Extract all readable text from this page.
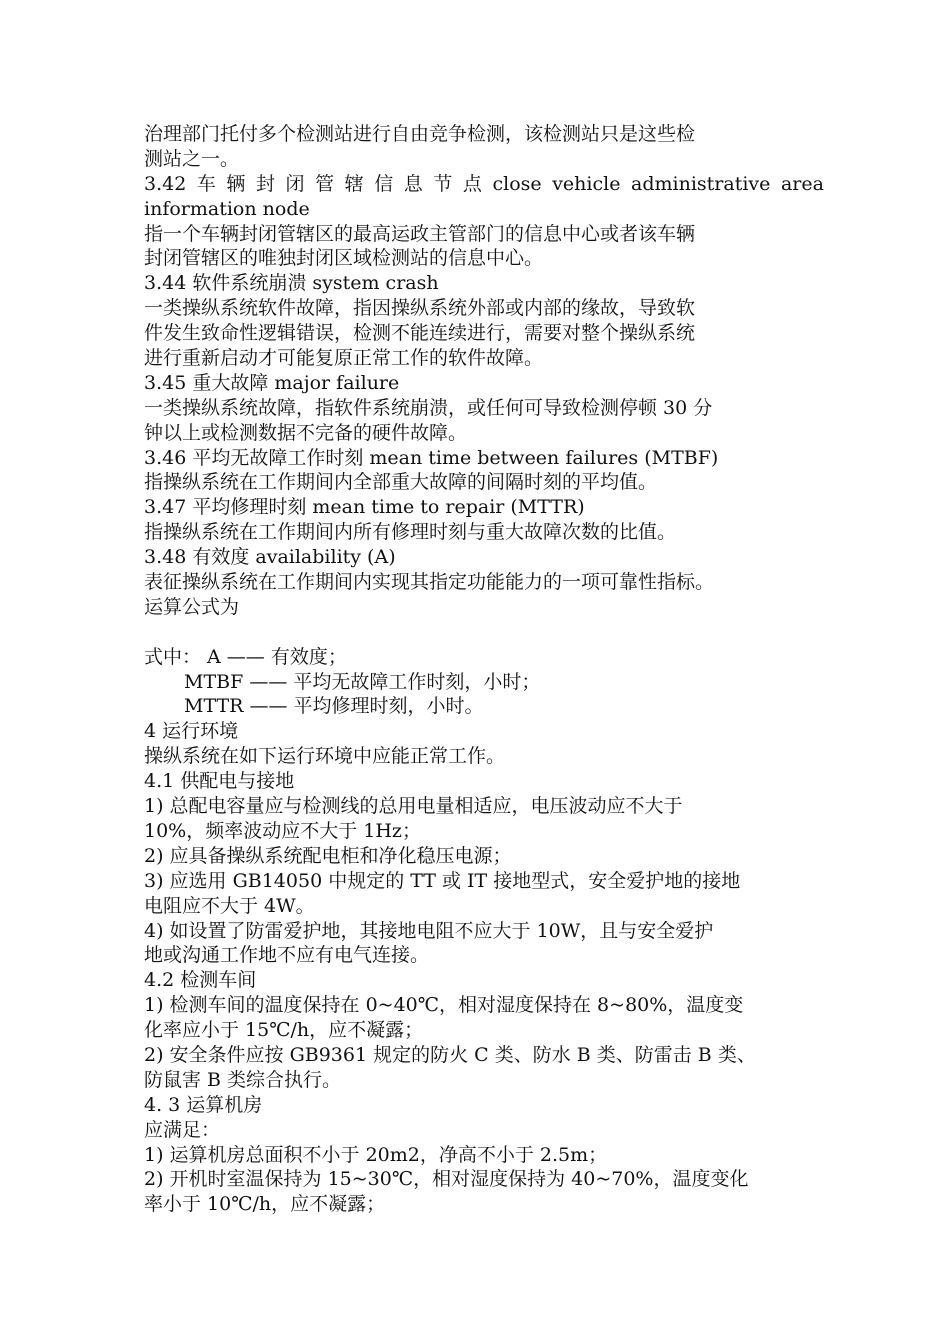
治理部门托付多个检测站进行自由竞争检测，该检测站只是这些检
测站之一。
3.42 车 辆 封 闭 管 辖 信 息 节 点 close vehicle administrative area
information node
指一个车辆封闭管辖区的最高运政主管部门的信息中心或者该车辆
封闭管辖区的唯独封闭区域检测站的信息中心。
3.44 软件系统崩溃 system crash
一类操纵系统软件故障，指因操纵系统外部或内部的缘故，导致软
件发生致命性逻辑错误，检测不能连续进行，需要对整个操纵系统
进行重新启动才可能复原正常工作的软件故障。
3.45 重大故障 major failure
一类操纵系统故障，指软件系统崩溃，或任何可导致检测停顿 30 分
钟以上或检测数据不完备的硬件故障。
3.46 平均无故障工作时刻 mean time between failures (MTBF)
指操纵系统在工作期间内全部重大故障的间隔时刻的平均值。
3.47 平均修理时刻 mean time to repair (MTTR)
指操纵系统在工作期间内所有修理时刻与重大故障次数的比值。
3.48 有效度 availability (A)
表征操纵系统在工作期间内实现其指定功能能力的一项可靠性指标。
运算公式为
式中： A —— 有效度；
MTBF —— 平均无故障工作时刻，小时；
MTTR —— 平均修理时刻，小时。
4 运行环境
操纵系统在如下运行环境中应能正常工作。
4.1 供配电与接地
1) 总配电容量应与检测线的总用电量相适应，电压波动应不大于
10%，频率波动应不大于 1Hz；
2) 应具备操纵系统配电柜和净化稳压电源；
3) 应选用 GB14050 中规定的 TT 或 IT 接地型式，安全爱护地的接地
电阻应不大于 4W。
4) 如设置了防雷爱护地，其接地电阻不应大于 10W，且与安全爱护
地或沟通工作地不应有电气连接。
4.2 检测车间
1) 检测车间的温度保持在 0~40℃，相对湿度保持在 8~80%，温度变
化率应小于 15℃/h，应不凝露；
2) 安全条件应按 GB9361 规定的防火 C 类、防水 B 类、防雷击 B 类、
防鼠害 B 类综合执行。
4. 3 运算机房
应满足：
1) 运算机房总面积不小于 20m2，净高不小于 2.5m；
2) 开机时室温保持为 15~30℃，相对湿度保持为 40~70%，温度变化
率小于 10℃/h，应不凝露；
